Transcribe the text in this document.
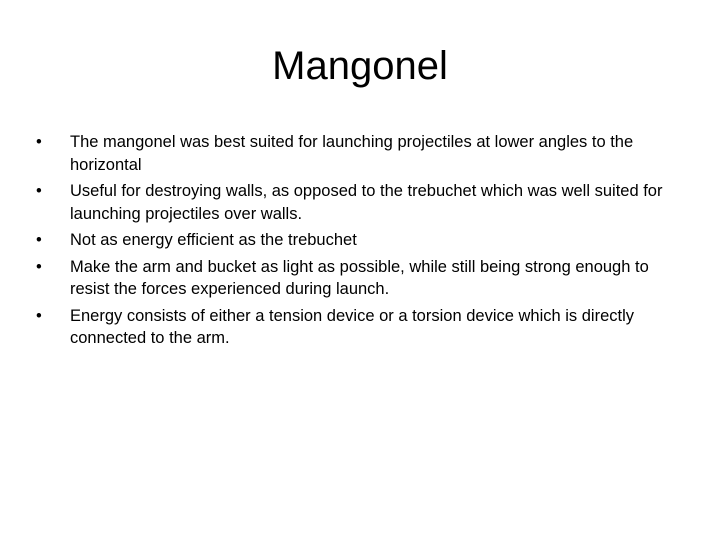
Mangonel
•	The mangonel was best suited for launching projectiles at lower angles to the horizontal
•	Useful for destroying walls, as opposed to the trebuchet which was well suited for launching projectiles over walls.
•	Not as energy efficient as the trebuchet
•	Make the arm and bucket as light as possible, while still being strong enough to resist the forces experienced during launch.
•	Energy consists of either a tension device or a torsion device which is directly connected to the arm.
